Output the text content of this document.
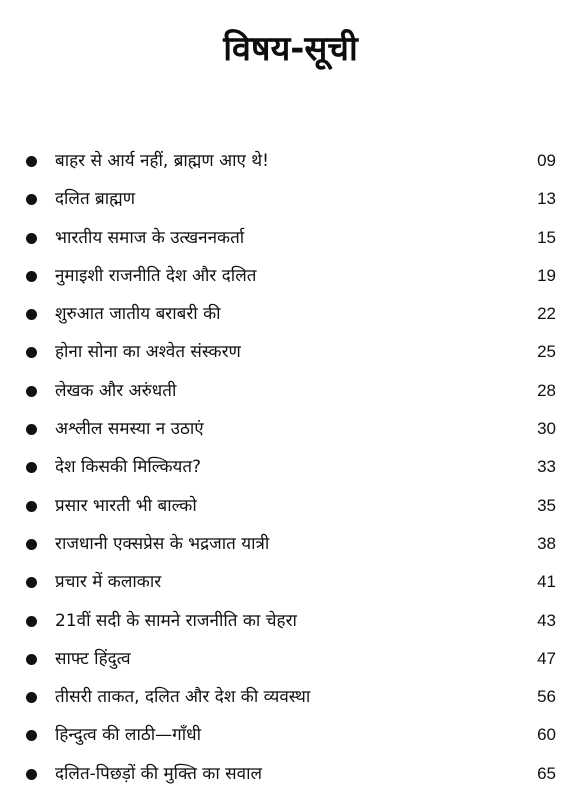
विषय-सूची
बाहर से आर्य नहीं, ब्राह्मण आए थे!	09
दलित ब्राह्मण	13
भारतीय समाज के उत्खननकर्ता	15
नुमाइशी राजनीति देश और दलित	19
शुरुआत जातीय बराबरी की	22
होना सोना का अश्वेत संस्करण	25
लेखक और अरुंधती	28
अश्लील समस्या न उठाएं	30
देश किसकी मिल्कियत?	33
प्रसार भारती भी बाल्को	35
राजधानी एक्सप्रेस के भद्रजात यात्री	38
प्रचार में कलाकार	41
21वीं सदी के सामने राजनीति का चेहरा	43
साफ्ट हिंदुत्व	47
तीसरी ताकत, दलित और देश की व्यवस्था	56
हिन्दुत्व की लाठी—गाँधी	60
दलित-पिछड़ों की मुक्ति का सवाल	65
